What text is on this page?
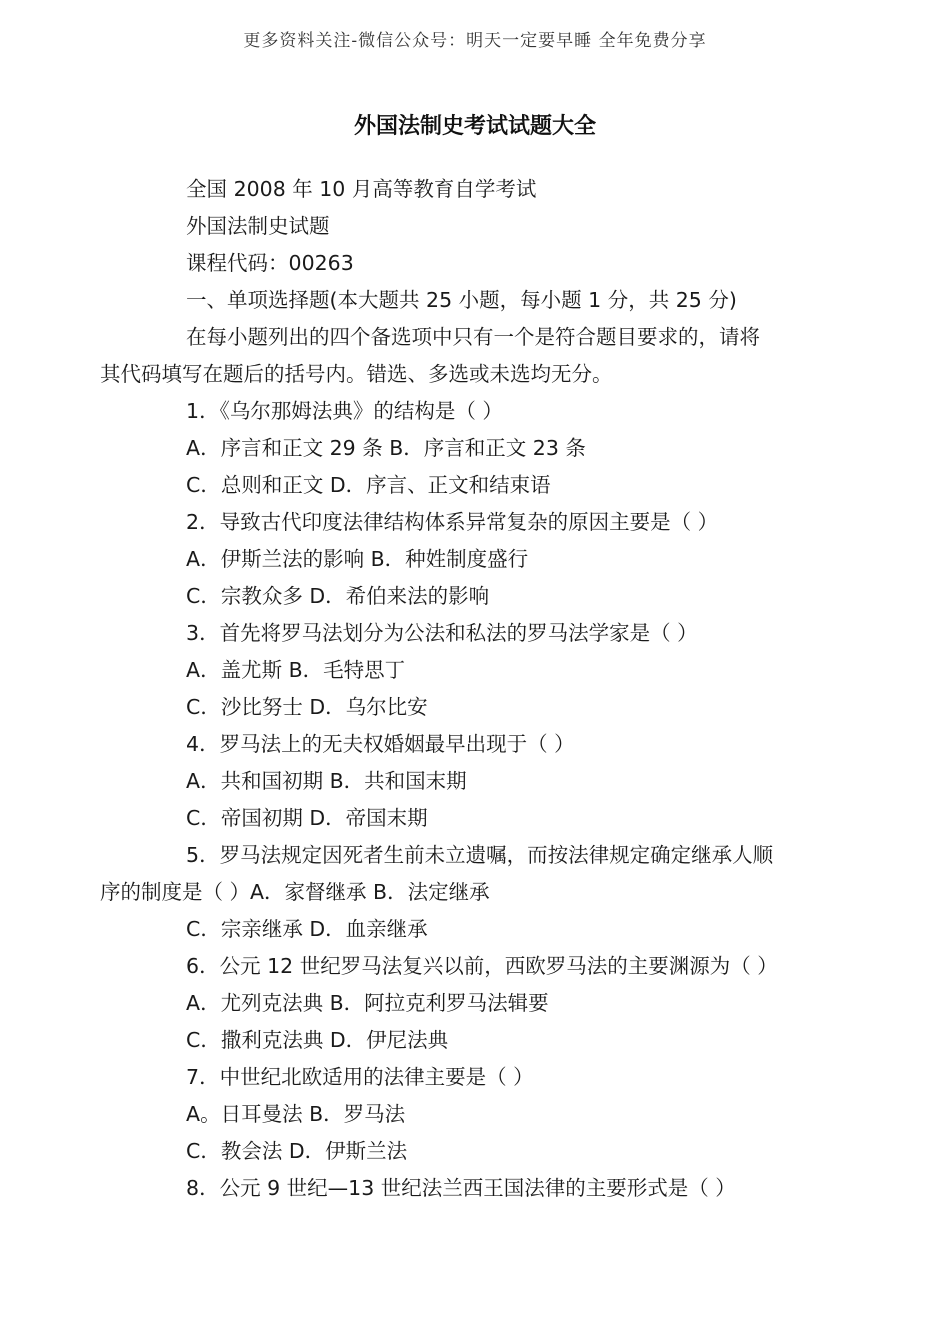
更多资料关注-微信公众号：明天一定要早睡 全年免费分享
外国法制史考试试题大全

全国 2008 年 10 月高等教育自学考试

外国法制史试题

课程代码：00263

一、单项选择题(本大题共 25 小题，每小题 1 分，共 25 分)

在每小题列出的四个备选项中只有一个是符合题目要求的，请将
其代码填写在题后的括号内。错选、多选或未选均无分。

1．《乌尔那姆法典》的结构是（ ）

A．序言和正文 29 条 B．序言和正文 23 条

C．总则和正文 D．序言、正文和结束语

2．导致古代印度法律结构体系异常复杂的原因主要是（ ）

A．伊斯兰法的影响 B．种姓制度盛行

C．宗教众多 D．希伯来法的影响

3．首先将罗马法划分为公法和私法的罗马法学家是（ ）

A．盖尤斯 B．毛特思丁

C．沙比努士 D．乌尔比安

4．罗马法上的无夫权婚姻最早出现于（ ）

A．共和国初期 B．共和国末期

C．帝国初期 D．帝国末期

5．罗马法规定因死者生前未立遗嘱，而按法律规定确定继承人顺
序的制度是（ ）A．家督继承 B．法定继承

C．宗亲继承 D．血亲继承

6．公元 12 世纪罗马法复兴以前，西欧罗马法的主要渊源为（ ）

A．尤列克法典 B．阿拉克利罗马法辑要

C．撒利克法典 D．伊尼法典

7．中世纪北欧适用的法律主要是（ ）

A。日耳曼法 B．罗马法

C．教会法 D．伊斯兰法

8．公元 9 世纪—13 世纪法兰西王国法律的主要形式是（ ）
